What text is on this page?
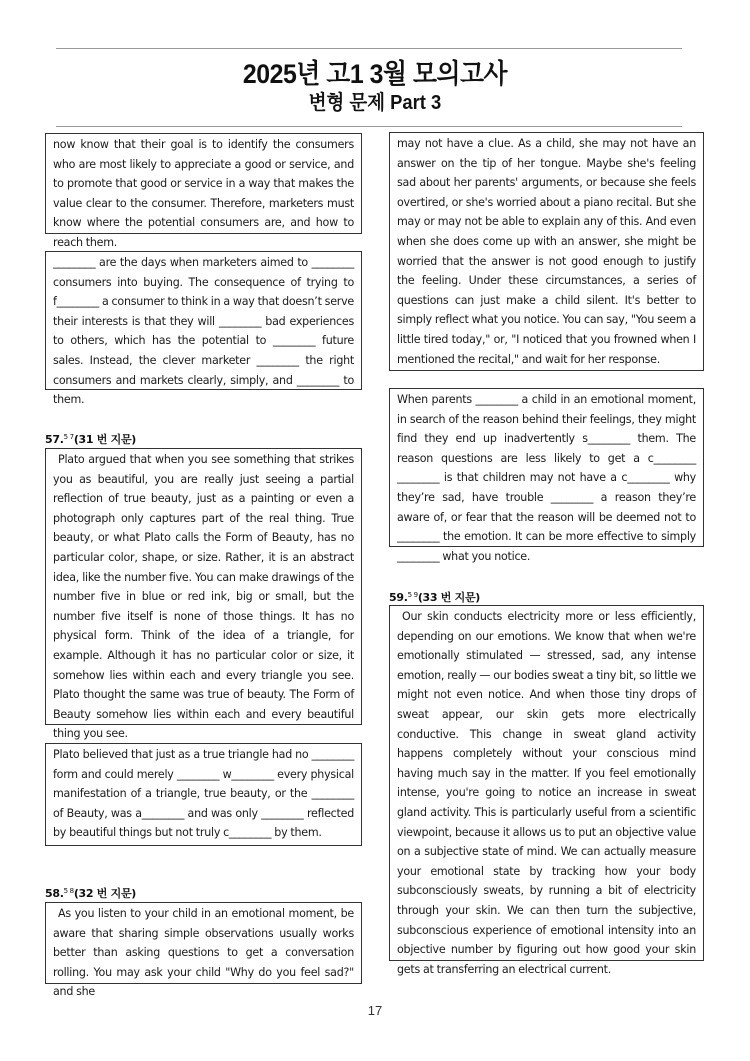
2025년 고1 3월 모의고사
변형 문제 Part 3

now know that their goal is to identify the consumers who are most likely to appreciate a good or service, and to promote that good or service in a way that makes the value clear to the consumer. Therefore, marketers must know where the potential consumers are, and how to reach them.

________ are the days when marketers aimed to ________ consumers into buying. The consequence of trying to f________ a consumer to think in a way that doesn’t serve their interests is that they will ________ bad experiences to others, which has the potential to ________ future sales. Instead, the clever marketer ________ the right consumers and markets clearly, simply, and ________ to them.

57.$^{5 7}$(31 번 지문)

Plato argued that when you see something that strikes you as beautiful, you are really just seeing a partial reflection of true beauty, just as a painting or even a photograph only captures part of the real thing. True beauty, or what Plato calls the Form of Beauty, has no particular color, shape, or size. Rather, it is an abstract idea, like the number five. You can make drawings of the number five in blue or red ink, big or small, but the number five itself is none of those things. It has no physical form. Think of the idea of a triangle, for example. Although it has no particular color or size, it somehow lies within each and every triangle you see. Plato thought the same was true of beauty. The Form of Beauty somehow lies within each and every beautiful thing you see.

Plato believed that just as a true triangle had no ________ form and could merely ________ w________ every physical manifestation of a triangle, true beauty, or the ________ of Beauty, was a________ and was only ________ reflected by beautiful things but not truly c________ by them.

58.$^{5 8}$(32 번 지문)

As you listen to your child in an emotional moment, be aware that sharing simple observations usually works better than asking questions to get a conversation rolling. You may ask your child "Why do you feel sad?" and she

may not have a clue. As a child, she may not have an answer on the tip of her tongue. Maybe she's feeling sad about her parents' arguments, or because she feels overtired, or she's worried about a piano recital. But she may or may not be able to explain any of this. And even when she does come up with an answer, she might be worried that the answer is not good enough to justify the feeling. Under these circumstances, a series of questions can just make a child silent. It's better to simply reflect what you notice. You can say, "You seem a little tired today," or, "I noticed that you frowned when I mentioned the recital," and wait for her response.

When parents ________ a child in an emotional moment, in search of the reason behind their feelings, they might find they end up inadvertently s________ them. The reason questions are less likely to get a c________ ________ is that children may not have a c________ why they’re sad, have trouble ________ a reason they’re aware of, or fear that the reason will be deemed not to ________ the emotion. It can be more effective to simply ________ what you notice.

59.$^{5 9}$(33 번 지문)

Our skin conducts electricity more or less efficiently, depending on our emotions. We know that when we're emotionally stimulated — stressed, sad, any intense emotion, really — our bodies sweat a tiny bit, so little we might not even notice. And when those tiny drops of sweat appear, our skin gets more electrically conductive. This change in sweat gland activity happens completely without your conscious mind having much say in the matter. If you feel emotionally intense, you're going to notice an increase in sweat gland activity. This is particularly useful from a scientific viewpoint, because it allows us to put an objective value on a subjective state of mind. We can actually measure your emotional state by tracking how your body subconsciously sweats, by running a bit of electricity through your skin. We can then turn the subjective, subconscious experience of emotional intensity into an objective number by figuring out how good your skin gets at transferring an electrical current.

17
